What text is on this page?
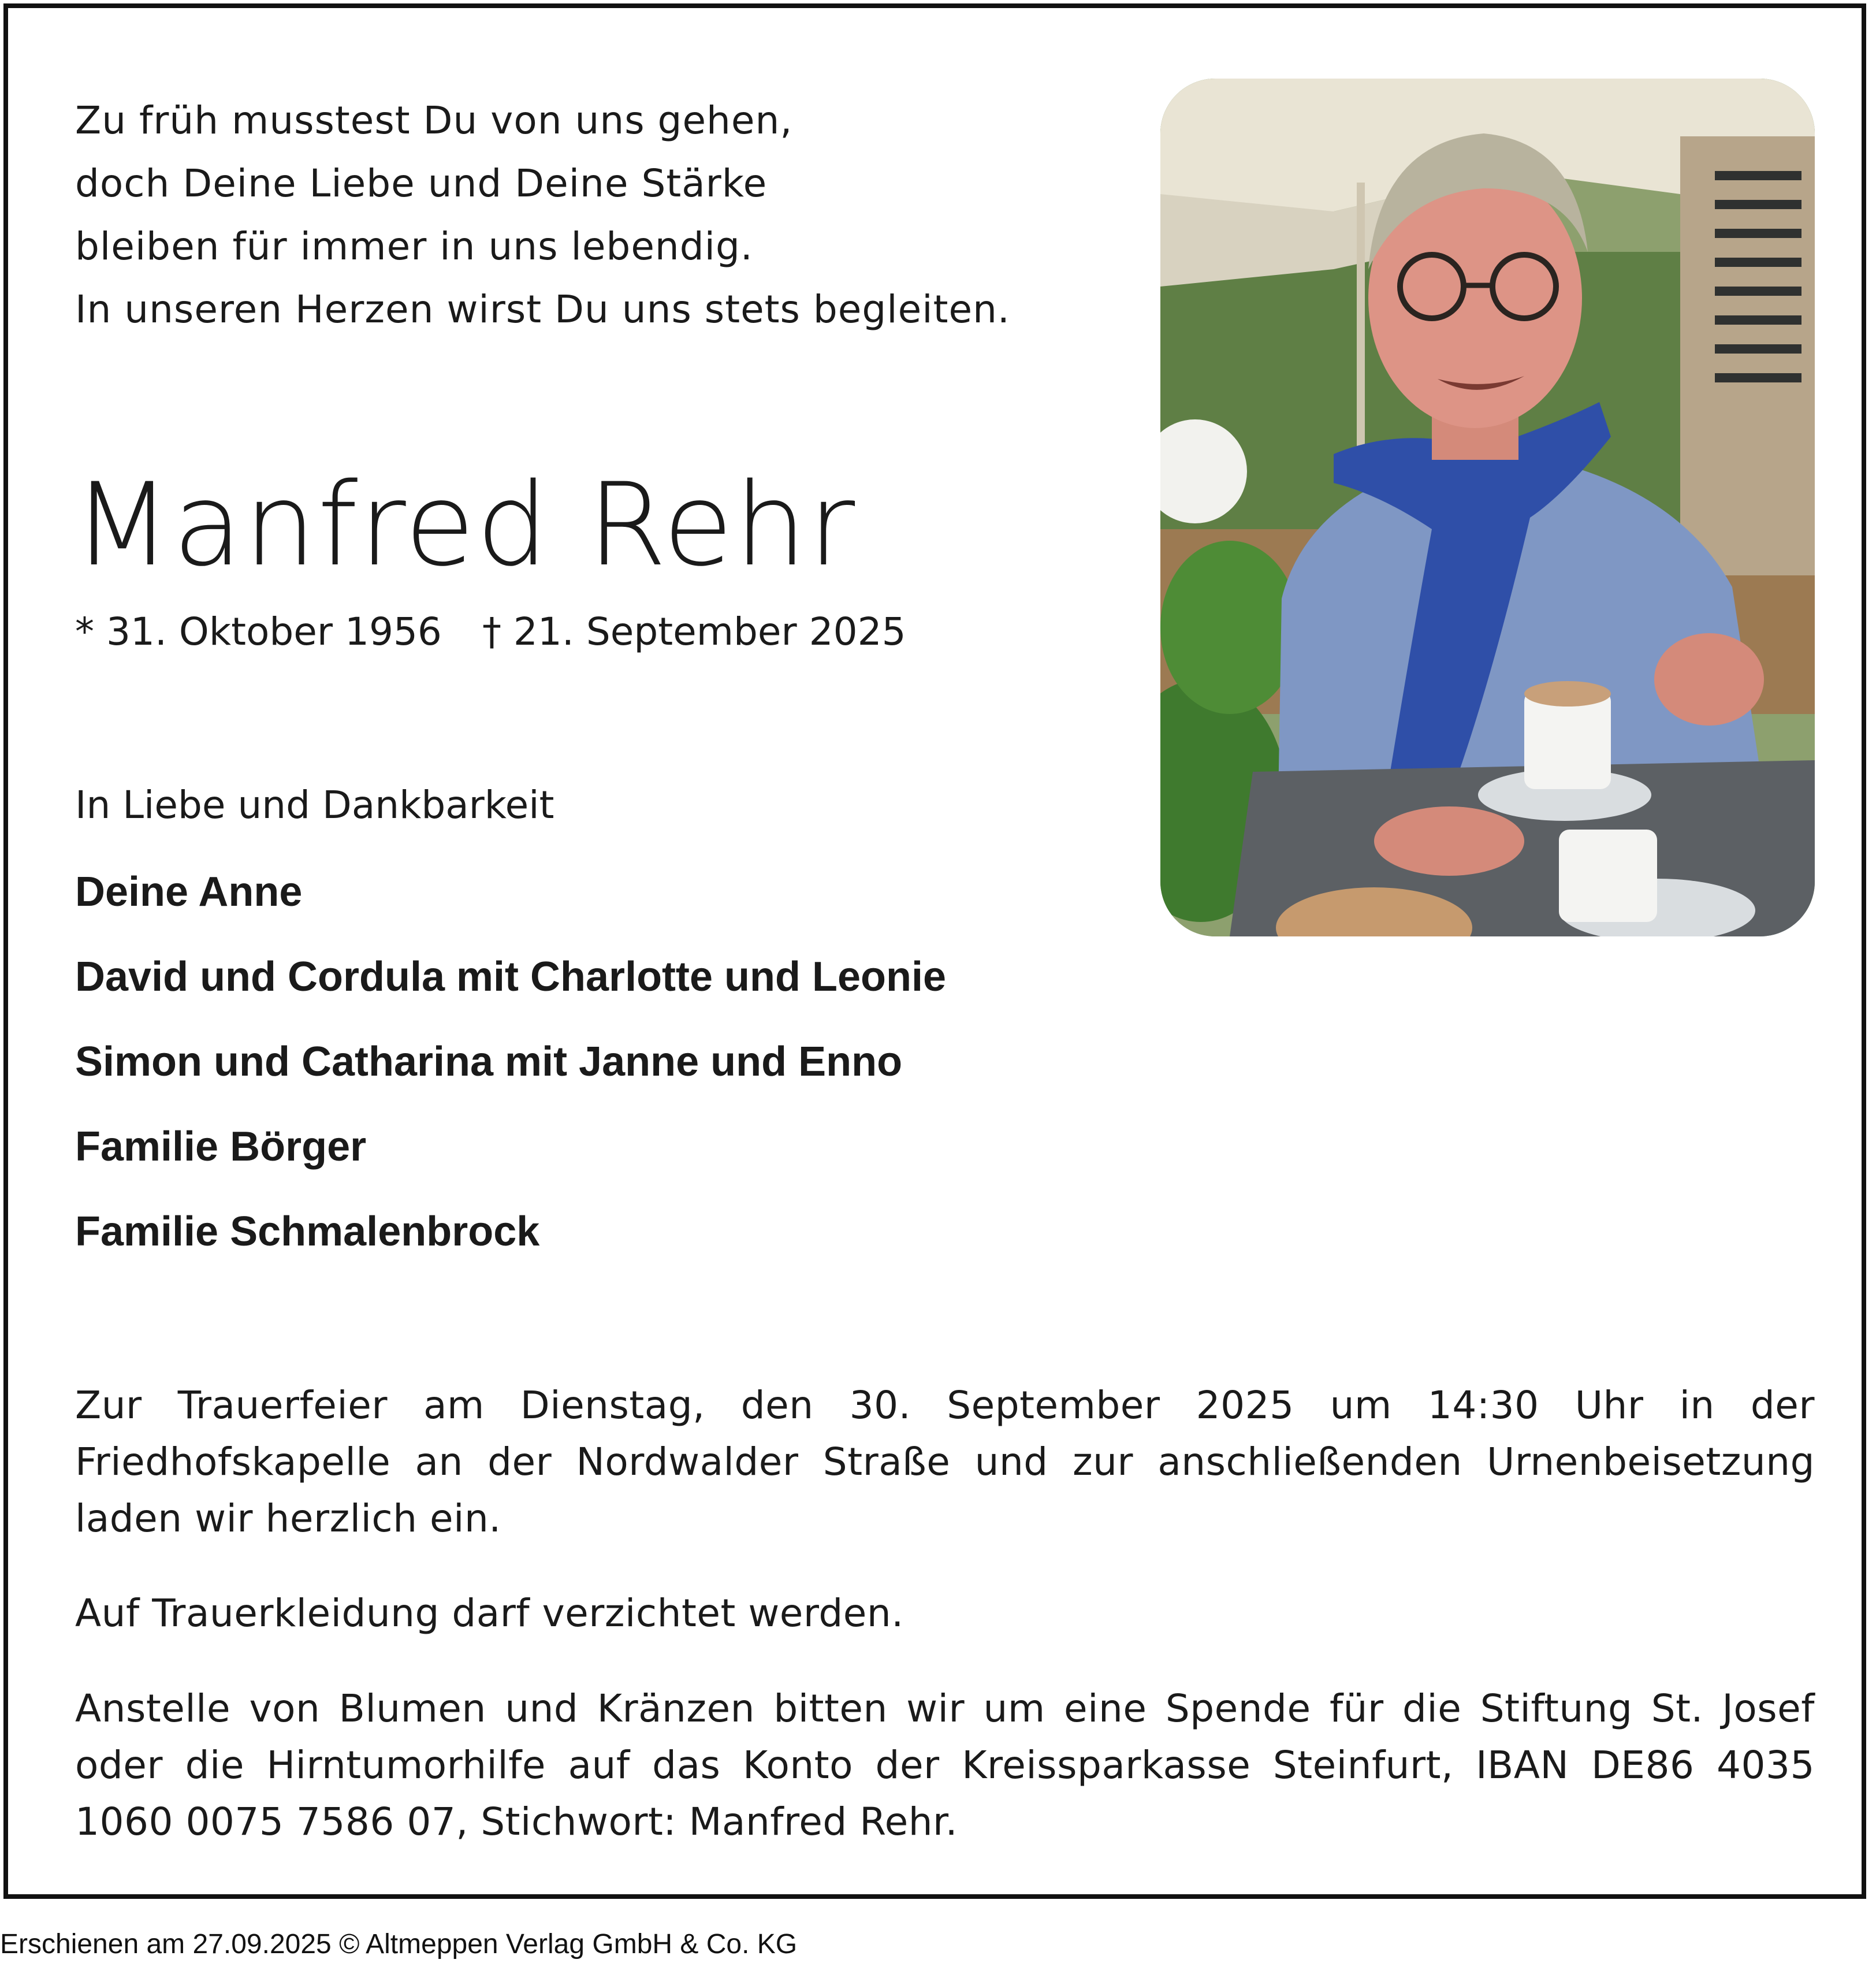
Zu früh musstest Du von uns gehen,
doch Deine Liebe und Deine Stärke
bleiben für immer in uns lebendig.
In unseren Herzen wirst Du uns stets begleiten.
Manfred Rehr
* 31. Oktober 1956 † 21. September 2025
In Liebe und Dankbarkeit
Deine Anne
David und Cordula mit Charlotte und Leonie
Simon und Catharina mit Janne und Enno
Familie Börger
Familie Schmalenbrock
Zur Trauerfeier am Dienstag, den 30. September 2025 um 14:30 Uhr in der Friedhofskapelle an der Nordwalder Straße und zur anschließenden Urnenbeisetzung laden wir herzlich ein.
Auf Trauerkleidung darf verzichtet werden.
Anstelle von Blumen und Kränzen bitten wir um eine Spende für die Stiftung St. Josef oder die Hirntumorhilfe auf das Konto der Kreissparkasse Steinfurt, IBAN DE86 4035 1060 0075 7586 07, Stichwort: Manfred Rehr.
Erschienen am 27.09.2025 © Altmeppen Verlag GmbH & Co. KG
